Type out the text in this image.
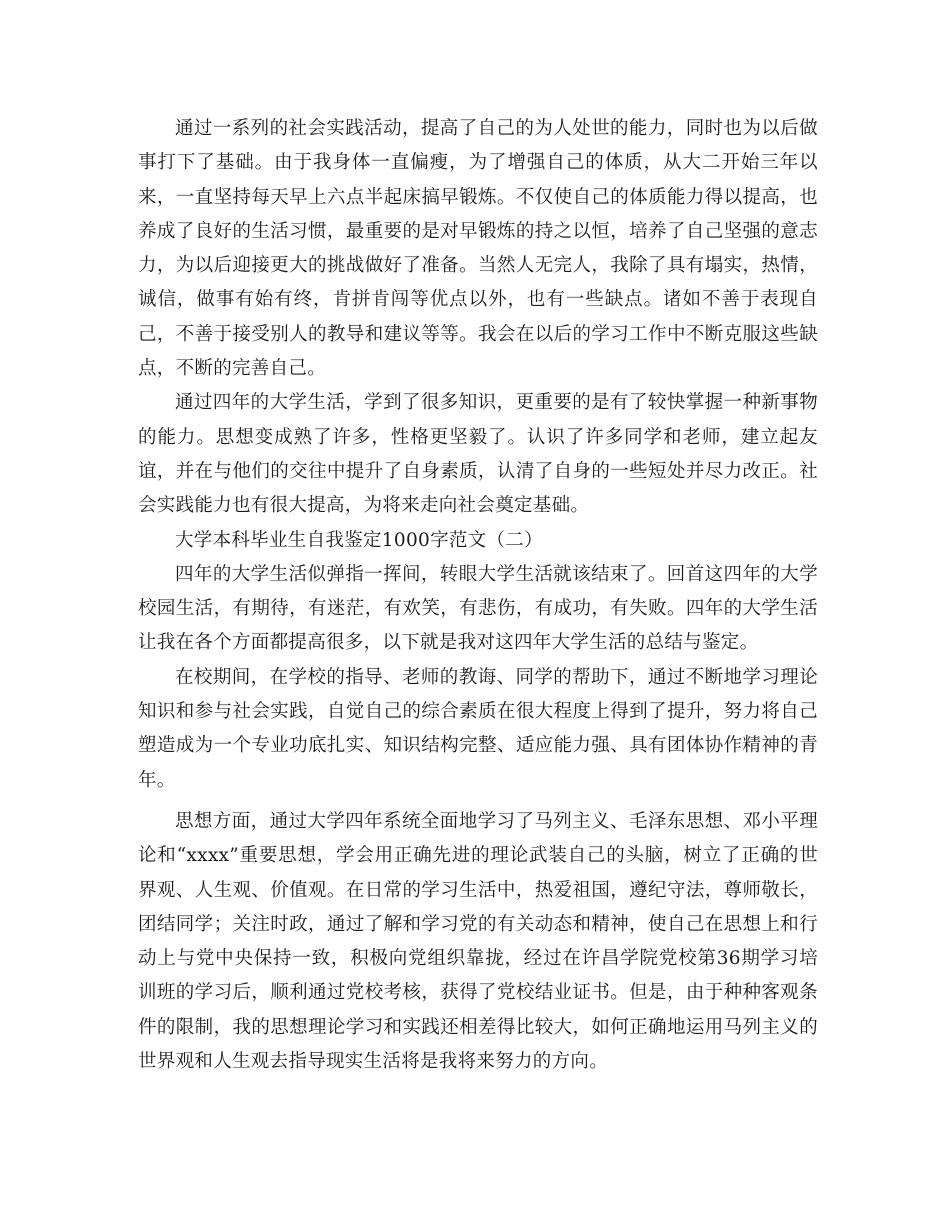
通过一系列的社会实践活动，提高了自己的为人处世的能力，同时也为以后做事打下了基础。由于我身体一直偏瘦，为了增强自己的体质，从大二开始三年以来，一直坚持每天早上六点半起床搞早锻炼。不仅使自己的体质能力得以提高，也养成了良好的生活习惯，最重要的是对早锻炼的持之以恒，培养了自己坚强的意志力，为以后迎接更大的挑战做好了准备。当然人无完人，我除了具有塌实，热情，诚信，做事有始有终，肯拼肯闯等优点以外，也有一些缺点。诸如不善于表现自己，不善于接受别人的教导和建议等等。我会在以后的学习工作中不断克服这些缺点，不断的完善自己。

通过四年的大学生活，学到了很多知识，更重要的是有了较快掌握一种新事物的能力。思想变成熟了许多，性格更坚毅了。认识了许多同学和老师，建立起友谊，并在与他们的交往中提升了自身素质，认清了自身的一些短处并尽力改正。社会实践能力也有很大提高，为将来走向社会奠定基础。

大学本科毕业生自我鉴定1000字范文（二）

四年的大学生活似弹指一挥间，转眼大学生活就该结束了。回首这四年的大学校园生活，有期待，有迷茫，有欢笑，有悲伤，有成功，有失败。四年的大学生活让我在各个方面都提高很多，以下就是我对这四年大学生活的总结与鉴定。

在校期间，在学校的指导、老师的教诲、同学的帮助下，通过不断地学习理论知识和参与社会实践，自觉自己的综合素质在很大程度上得到了提升，努力将自己塑造成为一个专业功底扎实、知识结构完整、适应能力强、具有团体协作精神的青年。

思想方面，通过大学四年系统全面地学习了马列主义、毛泽东思想、邓小平理论和“xxxx”重要思想，学会用正确先进的理论武装自己的头脑，树立了正确的世界观、人生观、价值观。在日常的学习生活中，热爱祖国，遵纪守法，尊师敬长，团结同学；关注时政，通过了解和学习党的有关动态和精神，使自己在思想上和行动上与党中央保持一致，积极向党组织靠拢，经过在许昌学院党校第36期学习培训班的学习后，顺利通过党校考核，获得了党校结业证书。但是，由于种种客观条件的限制，我的思想理论学习和实践还相差得比较大，如何正确地运用马列主义的世界观和人生观去指导现实生活将是我将来努力的方向。
